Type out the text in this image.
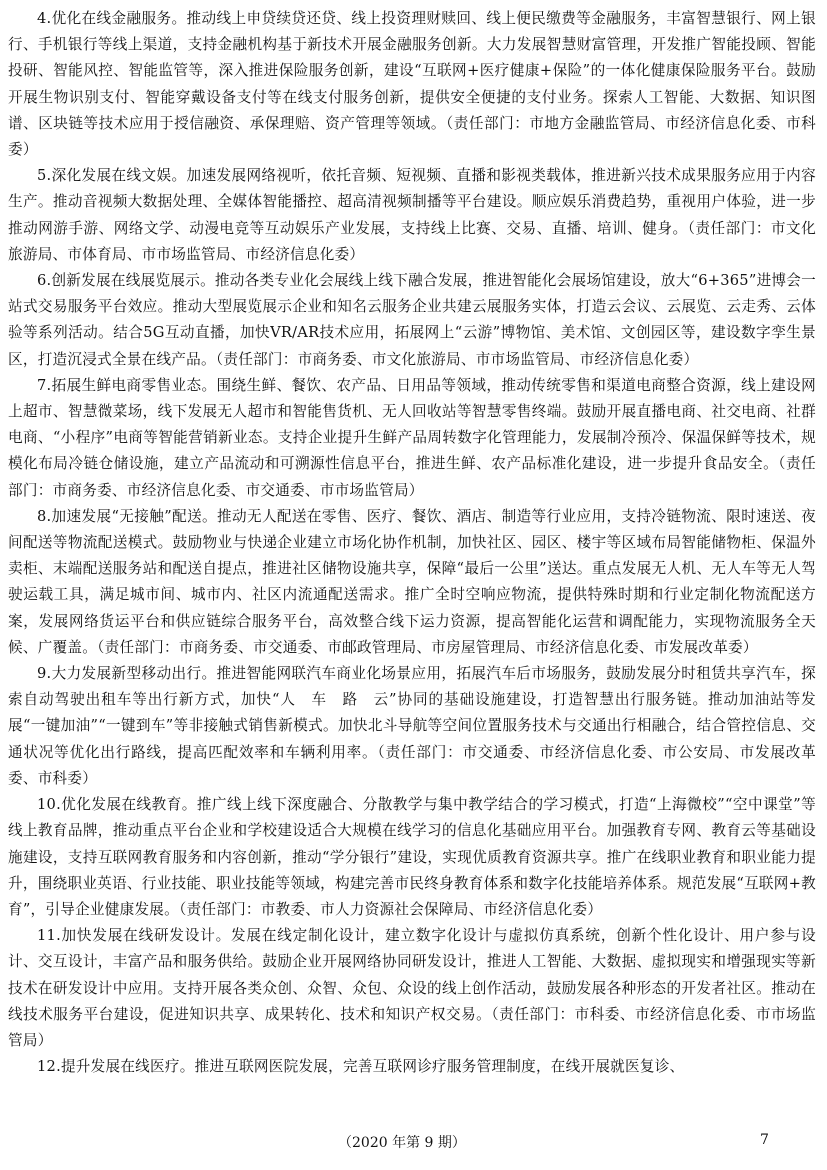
4.优化在线金融服务。推动线上申贷续贷还贷、线上投资理财赎回、线上便民缴费等金融服务，丰富智慧银行、网上银行、手机银行等线上渠道，支持金融机构基于新技术开展金融服务创新。大力发展智慧财富管理，开发推广智能投顾、智能投研、智能风控、智能监管等，深入推进保险服务创新，建设“互联网+医疗健康+保险”的一体化健康保险服务平台。鼓励开展生物识别支付、智能穿戴设备支付等在线支付服务创新，提供安全便捷的支付业务。探索人工智能、大数据、知识图谱、区块链等技术应用于授信融资、承保理赔、资产管理等领域。（责任部门：市地方金融监管局、市经济信息化委、市科委）

5.深化发展在线文娱。加速发展网络视听，依托音频、短视频、直播和影视类载体，推进新兴技术成果服务应用于内容生产。推动音视频大数据处理、全媒体智能播控、超高清视频制播等平台建设。顺应娱乐消费趋势，重视用户体验，进一步推动网游手游、网络文学、动漫电竞等互动娱乐产业发展，支持线上比赛、交易、直播、培训、健身。（责任部门：市文化旅游局、市体育局、市市场监管局、市经济信息化委）

6.创新发展在线展览展示。推动各类专业化会展线上线下融合发展，推进智能化会展场馆建设，放大“6+365”进博会一站式交易服务平台效应。推动大型展览展示企业和知名云服务企业共建云展服务实体，打造云会议、云展览、云走秀、云体验等系列活动。结合5G互动直播，加快VR/AR技术应用，拓展网上“云游”博物馆、美术馆、文创园区等，建设数字孪生景区，打造沉浸式全景在线产品。（责任部门：市商务委、市文化旅游局、市市场监管局、市经济信息化委）

7.拓展生鲜电商零售业态。围绕生鲜、餐饮、农产品、日用品等领域，推动传统零售和渠道电商整合资源，线上建设网上超市、智慧微菜场，线下发展无人超市和智能售货机、无人回收站等智慧零售终端。鼓励开展直播电商、社交电商、社群电商、“小程序”电商等智能营销新业态。支持企业提升生鲜产品周转数字化管理能力，发展制冷预冷、保温保鲜等技术，规模化布局冷链仓储设施，建立产品流动和可溯源性信息平台，推进生鲜、农产品标准化建设，进一步提升食品安全。（责任部门：市商务委、市经济信息化委、市交通委、市市场监管局）

8.加速发展“无接触”配送。推动无人配送在零售、医疗、餐饮、酒店、制造等行业应用，支持冷链物流、限时速送、夜间配送等物流配送模式。鼓励物业与快递企业建立市场化协作机制，加快社区、园区、楼宇等区域布局智能储物柜、保温外卖柜、末端配送服务站和配送自提点，推进社区储物设施共享，保障“最后一公里”送达。重点发展无人机、无人车等无人驾驶运载工具，满足城市间、城市内、社区内流通配送需求。推广全时空响应物流，提供特殊时期和行业定制化物流配送方案，发展网络货运平台和供应链综合服务平台，高效整合线下运力资源，提高智能化运营和调配能力，实现物流服务全天候、广覆盖。（责任部门：市商务委、市交通委、市邮政管理局、市房屋管理局、市经济信息化委、市发展改革委）

9.大力发展新型移动出行。推进智能网联汽车商业化场景应用，拓展汽车后市场服务，鼓励发展分时租赁共享汽车，探索自动驾驶出租车等出行新方式，加快“人　车　路　云”协同的基础设施建设，打造智慧出行服务链。推动加油站等发展“一键加油”“一键到车”等非接触式销售新模式。加快北斗导航等空间位置服务技术与交通出行相融合，结合管控信息、交通状况等优化出行路线，提高匹配效率和车辆利用率。（责任部门：市交通委、市经济信息化委、市公安局、市发展改革委、市科委）

10.优化发展在线教育。推广线上线下深度融合、分散教学与集中教学结合的学习模式，打造“上海微校”“空中课堂”等线上教育品牌，推动重点平台企业和学校建设适合大规模在线学习的信息化基础应用平台。加强教育专网、教育云等基础设施建设，支持互联网教育服务和内容创新，推动“学分银行”建设，实现优质教育资源共享。推广在线职业教育和职业能力提升，围绕职业英语、行业技能、职业技能等领域，构建完善市民终身教育体系和数字化技能培养体系。规范发展“互联网+教育”，引导企业健康发展。（责任部门：市教委、市人力资源社会保障局、市经济信息化委）

11.加快发展在线研发设计。发展在线定制化设计，建立数字化设计与虚拟仿真系统，创新个性化设计、用户参与设计、交互设计，丰富产品和服务供给。鼓励企业开展网络协同研发设计，推进人工智能、大数据、虚拟现实和增强现实等新技术在研发设计中应用。支持开展各类众创、众智、众包、众设的线上创作活动，鼓励发展各种形态的开发者社区。推动在线技术服务平台建设，促进知识共享、成果转化、技术和知识产权交易。（责任部门：市科委、市经济信息化委、市市场监管局）

12.提升发展在线医疗。推进互联网医院发展，完善互联网诊疗服务管理制度，在线开展就医复诊、

（2020 年第 9 期）	7
